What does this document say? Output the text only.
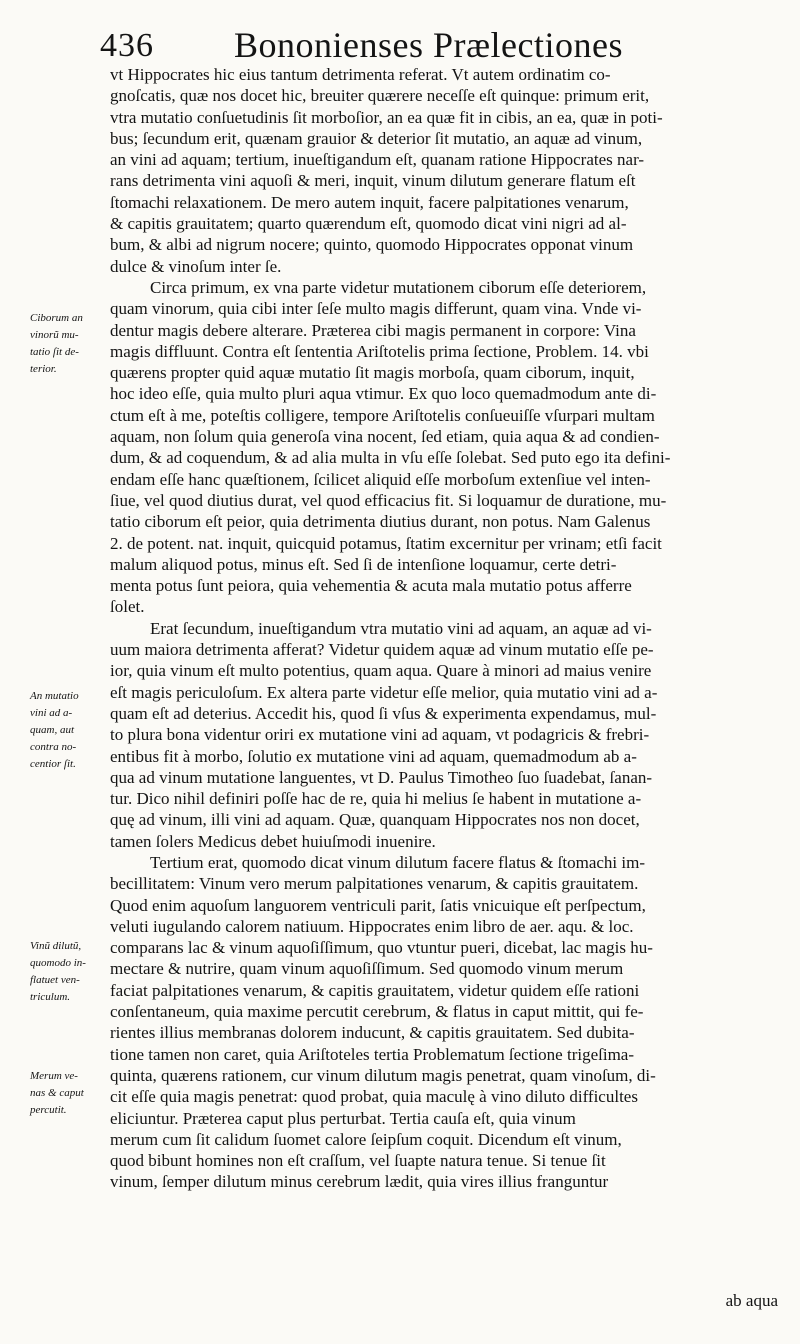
436 Bononienses Prælectiones
Ciborum an
vinorũ mu-
tatio ſit de-
terior.
An mutatio
vini ad a-
quam, aut
contra no-
centior ſit.
Vinũ dilutũ,
quomodo in-
flatuet ven-
triculum.
Merum ve-
nas & caput
percutit.
vt Hippocrates hic eius tantum detrimenta referat. Vt autem ordinatim co-
gnoſcatis, quæ nos docet hic, breuiter quærere neceſſe eſt quinque: primum erit,
vtra mutatio conſuetudinis ſit morboſior, an ea quæ fit in cibis, an ea, quæ in poti-
bus; ſecundum erit, quænam grauior & deterior ſit mutatio, an aquæ ad vinum,
an vini ad aquam; tertium, inueſtigandum eſt, quanam ratione Hippocrates nar-
rans detrimenta vini aquoſi & meri, inquit, vinum dilutum generare flatum eſt
ſtomachi relaxationem. De mero autem inquit, facere palpitationes venarum,
& capitis grauitatem; quarto quærendum eſt, quomodo dicat vini nigri ad al-
bum, & albi ad nigrum nocere; quinto, quomodo Hippocrates opponat vinum
dulce & vinoſum inter ſe.
Circa primum, ex vna parte videtur mutationem ciborum eſſe deteriorem,
quam vinorum, quia cibi inter ſeſe multo magis differunt, quam vina. Vnde vi-
dentur magis debere alterare. Præterea cibi magis permanent in corpore: Vina
magis diffluunt. Contra eſt ſententia Ariſtotelis prima ſectione, Problem. 14. vbi
quærens propter quid aquæ mutatio ſit magis morboſa, quam ciborum, inquit,
hoc ideo eſſe, quia multo pluri aqua vtimur. Ex quo loco quemadmodum ante di-
ctum eſt à me, poteſtis colligere, tempore Ariſtotelis conſueuiſſe vſurpari multam
aquam, non ſolum quia generoſa vina nocent, ſed etiam, quia aqua & ad condien-
dum, & ad coquendum, & ad alia multa in vſu eſſe ſolebat. Sed puto ego ita defini-
endam eſſe hanc quæſtionem, ſcilicet aliquid eſſe morboſum extenſiue vel inten-
ſiue, vel quod diutius durat, vel quod efficacius fit. Si loquamur de duratione, mu-
tatio ciborum eſt peior, quia detrimenta diutius durant, non potus. Nam Galenus
2. de potent. nat. inquit, quicquid potamus, ſtatim excernitur per vrinam; etſi facit
malum aliquod potus, minus eſt. Sed ſi de intenſione loquamur, certe detri-
menta potus ſunt peiora, quia vehementia & acuta mala mutatio potus afferre
ſolet.
Erat ſecundum, inueſtigandum vtra mutatio vini ad aquam, an aquæ ad vi-
uum maiora detrimenta afferat? Videtur quidem aquæ ad vinum mutatio eſſe pe-
ior, quia vinum eſt multo potentius, quam aqua. Quare à minori ad maius venire
eſt magis periculoſum. Ex altera parte videtur eſſe melior, quia mutatio vini ad a-
quam eſt ad deterius. Accedit his, quod ſi vſus & experimenta expendamus, mul-
to plura bona videntur oriri ex mutatione vini ad aquam, vt podagricis & frebri-
entibus fit à morbo, ſolutio ex mutatione vini ad aquam, quemadmodum ab a-
qua ad vinum mutatione languentes, vt D. Paulus Timotheo ſuo ſuadebat, ſanan-
tur. Dico nihil definiri poſſe hac de re, quia hi melius ſe habent in mutatione a-
quę ad vinum, illi vini ad aquam. Quæ, quanquam Hippocrates nos non docet,
tamen ſolers Medicus debet huiuſmodi inuenire.
Tertium erat, quomodo dicat vinum dilutum facere flatus & ſtomachi im-
becillitatem: Vinum vero merum palpitationes venarum, & capitis grauitatem.
Quod enim aquoſum languorem ventriculi parit, ſatis vnicuique eſt perſpectum,
veluti iugulando calorem natiuum. Hippocrates enim libro de aer. aqu. & loc.
comparans lac & vinum aquoſiſſimum, quo vtuntur pueri, dicebat, lac magis hu-
mectare & nutrire, quam vinum aquoſiſſimum. Sed quomodo vinum merum
faciat palpitationes venarum, & capitis grauitatem, videtur quidem eſſe rationi
conſentaneum, quia maxime percutit cerebrum, & flatus in caput mittit, qui fe-
rientes illius membranas dolorem inducunt, & capitis grauitatem. Sed dubita-
tione tamen non caret, quia Ariſtoteles tertia Problematum ſectione trigeſima-
quinta, quærens rationem, cur vinum dilutum magis penetrat, quam vinoſum, di-
cit eſſe quia magis penetrat: quod probat, quia maculę à vino diluto difficultes
eliciuntur. Præterea caput plus perturbat. Tertia cauſa eſt, quia vinum
merum cum ſit calidum ſuomet calore ſeipſum coquit. Dicendum eſt vinum,
quod bibunt homines non eſt craſſum, vel ſuapte natura tenue. Si tenue ſit
vinum, ſemper dilutum minus cerebrum lædit, quia vires illius franguntur
ab aqua
